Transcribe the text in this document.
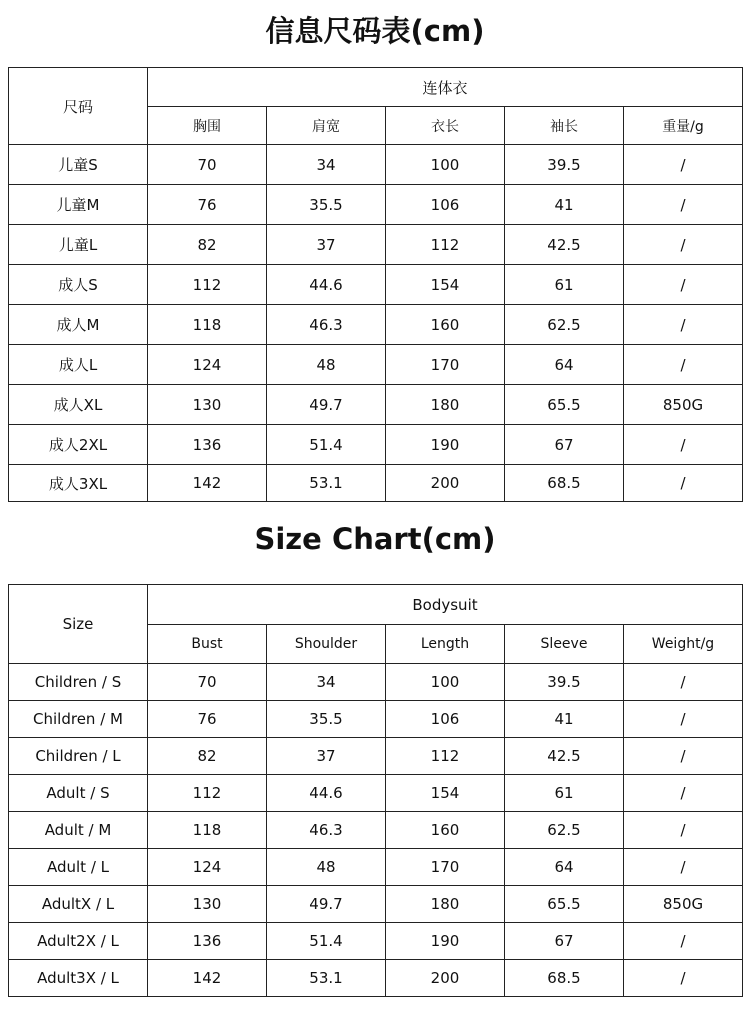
信息尺码表(cm)
尺码	连体衣				
	胸围	肩宽	衣长	袖长	重量/g
儿童S	70	34	100	39.5	/
儿童M	76	35.5	106	41	/
儿童L	82	37	112	42.5	/
成人S	112	44.6	154	61	/
成人M	118	46.3	160	62.5	/
成人L	124	48	170	64	/
成人XL	130	49.7	180	65.5	850G
成人2XL	136	51.4	190	67	/
成人3XL	142	53.1	200	68.5	/
Size Chart(cm)
Size	Bodysuit				
	Bust	Shoulder	Length	Sleeve	Weight/g
Children / S	70	34	100	39.5	/
Children / M	76	35.5	106	41	/
Children / L	82	37	112	42.5	/
Adult / S	112	44.6	154	61	/
Adult / M	118	46.3	160	62.5	/
Adult / L	124	48	170	64	/
AdultX / L	130	49.7	180	65.5	850G
Adult2X / L	136	51.4	190	67	/
Adult3X / L	142	53.1	200	68.5	/
